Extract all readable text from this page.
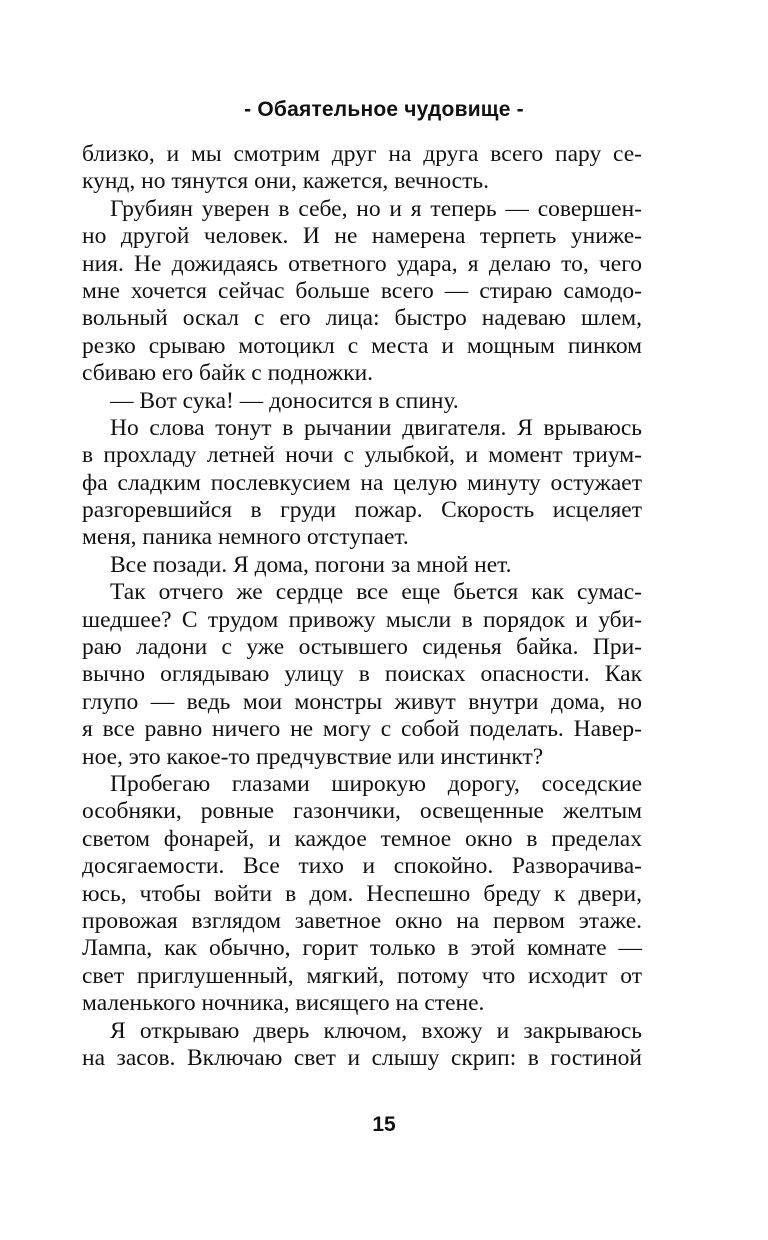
- Обаятельное чудовище -
близко, и мы смотрим друг на друга всего пару се-
кунд, но тянутся они, кажется, вечность.
Грубиян уверен в себе, но и я теперь — совершен-
но другой человек. И не намерена терпеть униже-
ния. Не дожидаясь ответного удара, я делаю то, чего
мне хочется сейчас больше всего — стираю самодо-
вольный оскал с его лица: быстро надеваю шлем,
резко срываю мотоцикл с места и мощным пинком
сбиваю его байк с подножки.
— Вот сука! — доносится в спину.
Но слова тонут в рычании двигателя. Я врываюсь
в прохладу летней ночи с улыбкой, и момент триум-
фа сладким послевкусием на целую минуту остужает
разгоревшийся в груди пожар. Скорость исцеляет
меня, паника немного отступает.
Все позади. Я дома, погони за мной нет.
Так отчего же сердце все еще бьется как сумас-
шедшее? С трудом привожу мысли в порядок и уби-
раю ладони с уже остывшего сиденья байка. При-
вычно оглядываю улицу в поисках опасности. Как
глупо — ведь мои монстры живут внутри дома, но
я все равно ничего не могу с собой поделать. Навер-
ное, это какое-то предчувствие или инстинкт?
Пробегаю глазами широкую дорогу, соседские
особняки, ровные газончики, освещенные желтым
светом фонарей, и каждое темное окно в пределах
досягаемости. Все тихо и спокойно. Разворачива-
юсь, чтобы войти в дом. Неспешно бреду к двери,
провожая взглядом заветное окно на первом этаже.
Лампа, как обычно, горит только в этой комнате —
свет приглушенный, мягкий, потому что исходит от
маленького ночника, висящего на стене.
Я открываю дверь ключом, вхожу и закрываюсь
на засов. Включаю свет и слышу скрип: в гостиной
15
